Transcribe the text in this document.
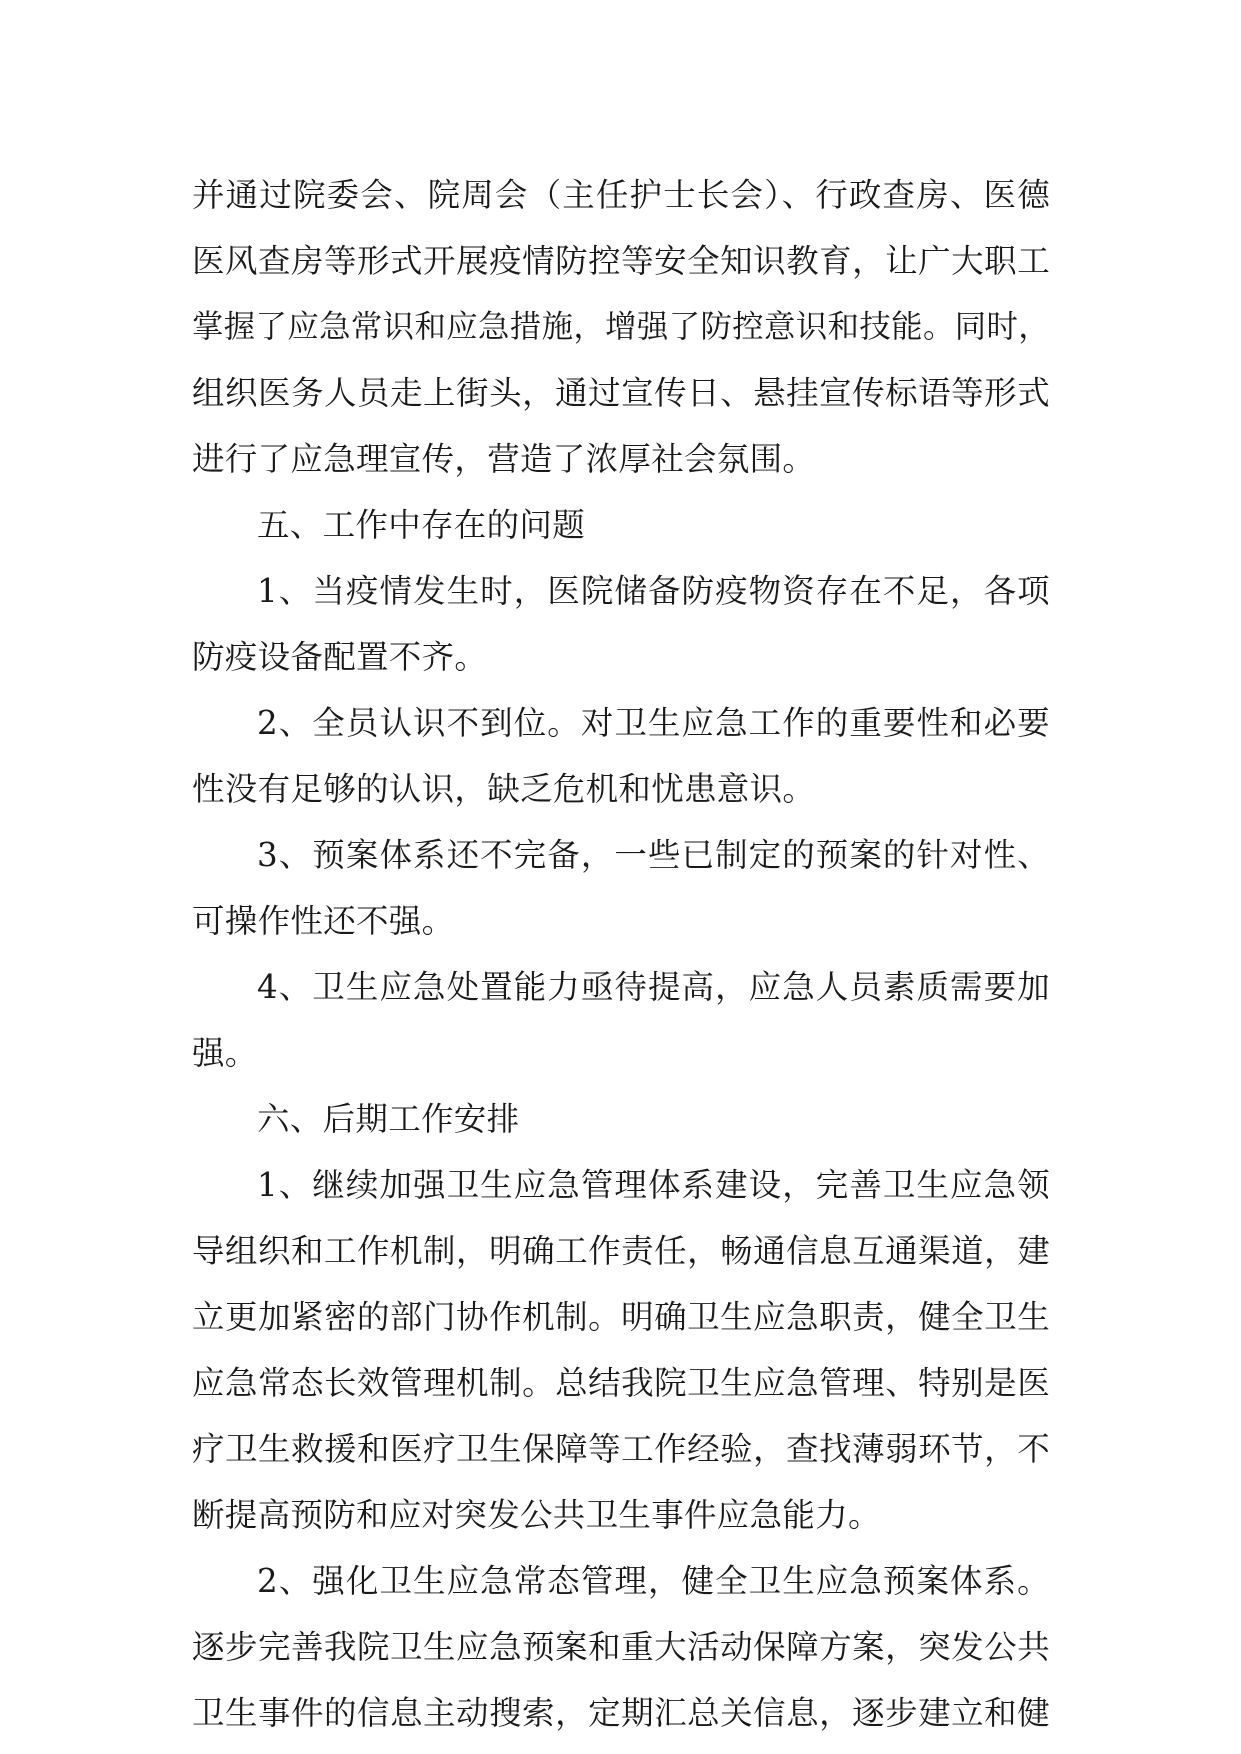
并通过院委会、院周会（主任护士长会）、行政查房、医德
医风查房等形式开展疫情防控等安全知识教育，让广大职工
掌握了应急常识和应急措施，增强了防控意识和技能。同时，
组织医务人员走上街头，通过宣传日、悬挂宣传标语等形式
进行了应急理宣传，营造了浓厚社会氛围。
五、工作中存在的问题
1、当疫情发生时，医院储备防疫物资存在不足，各项
防疫设备配置不齐。
2、全员认识不到位。对卫生应急工作的重要性和必要
性没有足够的认识，缺乏危机和忧患意识。
3、预案体系还不完备，一些已制定的预案的针对性、
可操作性还不强。
4、卫生应急处置能力亟待提高，应急人员素质需要加
强。
六、后期工作安排
1、继续加强卫生应急管理体系建设，完善卫生应急领
导组织和工作机制，明确工作责任，畅通信息互通渠道，建
立更加紧密的部门协作机制。明确卫生应急职责，健全卫生
应急常态长效管理机制。总结我院卫生应急管理、特别是医
疗卫生救援和医疗卫生保障等工作经验，查找薄弱环节，不
断提高预防和应对突发公共卫生事件应急能力。
2、强化卫生应急常态管理，健全卫生应急预案体系。
逐步完善我院卫生应急预案和重大活动保障方案，突发公共
卫生事件的信息主动搜索，定期汇总关信息，逐步建立和健
